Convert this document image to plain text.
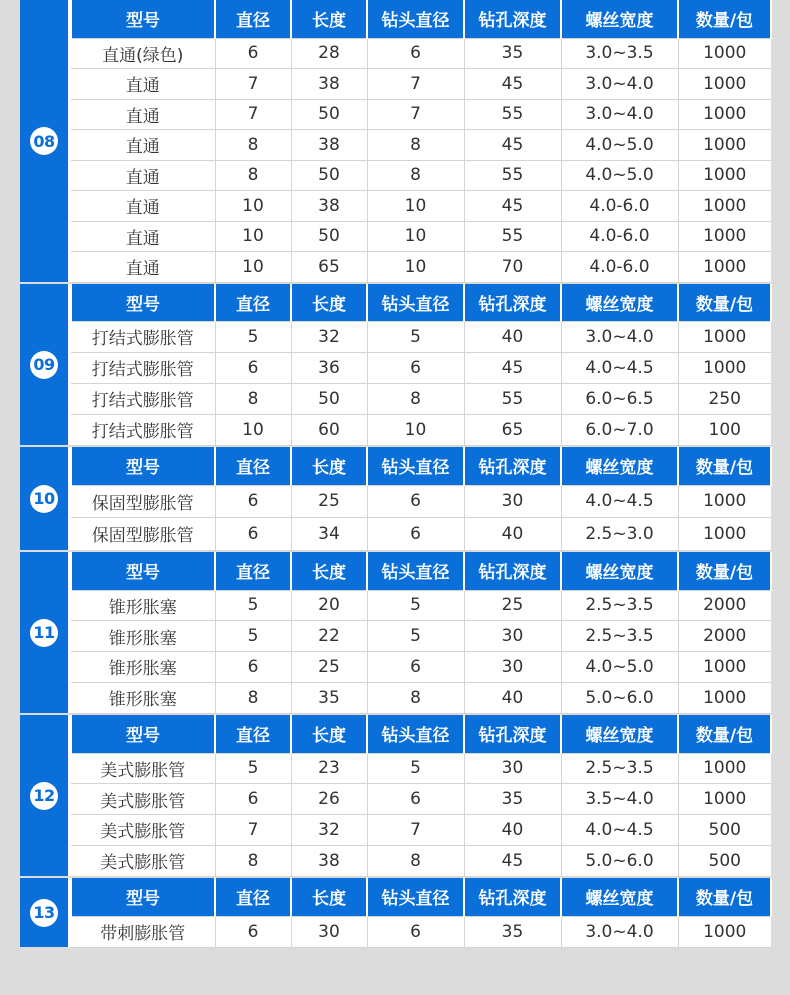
08
型号	直径	长度	钻头直径	钻孔深度	螺丝宽度	数量/包
直通(绿色)	6	28	6	35	3.0~3.5	1000
直通	7	38	7	45	3.0~4.0	1000
直通	7	50	7	55	3.0~4.0	1000
直通	8	38	8	45	4.0~5.0	1000
直通	8	50	8	55	4.0~5.0	1000
直通	10	38	10	45	4.0-6.0	1000
直通	10	50	10	55	4.0-6.0	1000
直通	10	65	10	70	4.0-6.0	1000
09
型号	直径	长度	钻头直径	钻孔深度	螺丝宽度	数量/包
打结式膨胀管	5	32	5	40	3.0~4.0	1000
打结式膨胀管	6	36	6	45	4.0~4.5	1000
打结式膨胀管	8	50	8	55	6.0~6.5	250
打结式膨胀管	10	60	10	65	6.0~7.0	100
10
型号	直径	长度	钻头直径	钻孔深度	螺丝宽度	数量/包
保固型膨胀管	6	25	6	30	4.0~4.5	1000
保固型膨胀管	6	34	6	40	2.5~3.0	1000
11
型号	直径	长度	钻头直径	钻孔深度	螺丝宽度	数量/包
锥形胀塞	5	20	5	25	2.5~3.5	2000
锥形胀塞	5	22	5	30	2.5~3.5	2000
锥形胀塞	6	25	6	30	4.0~5.0	1000
锥形胀塞	8	35	8	40	5.0~6.0	1000
12
型号	直径	长度	钻头直径	钻孔深度	螺丝宽度	数量/包
美式膨胀管	5	23	5	30	2.5~3.5	1000
美式膨胀管	6	26	6	35	3.5~4.0	1000
美式膨胀管	7	32	7	40	4.0~4.5	500
美式膨胀管	8	38	8	45	5.0~6.0	500
13
型号	直径	长度	钻头直径	钻孔深度	螺丝宽度	数量/包
带刺膨胀管	6	30	6	35	3.0~4.0	1000
